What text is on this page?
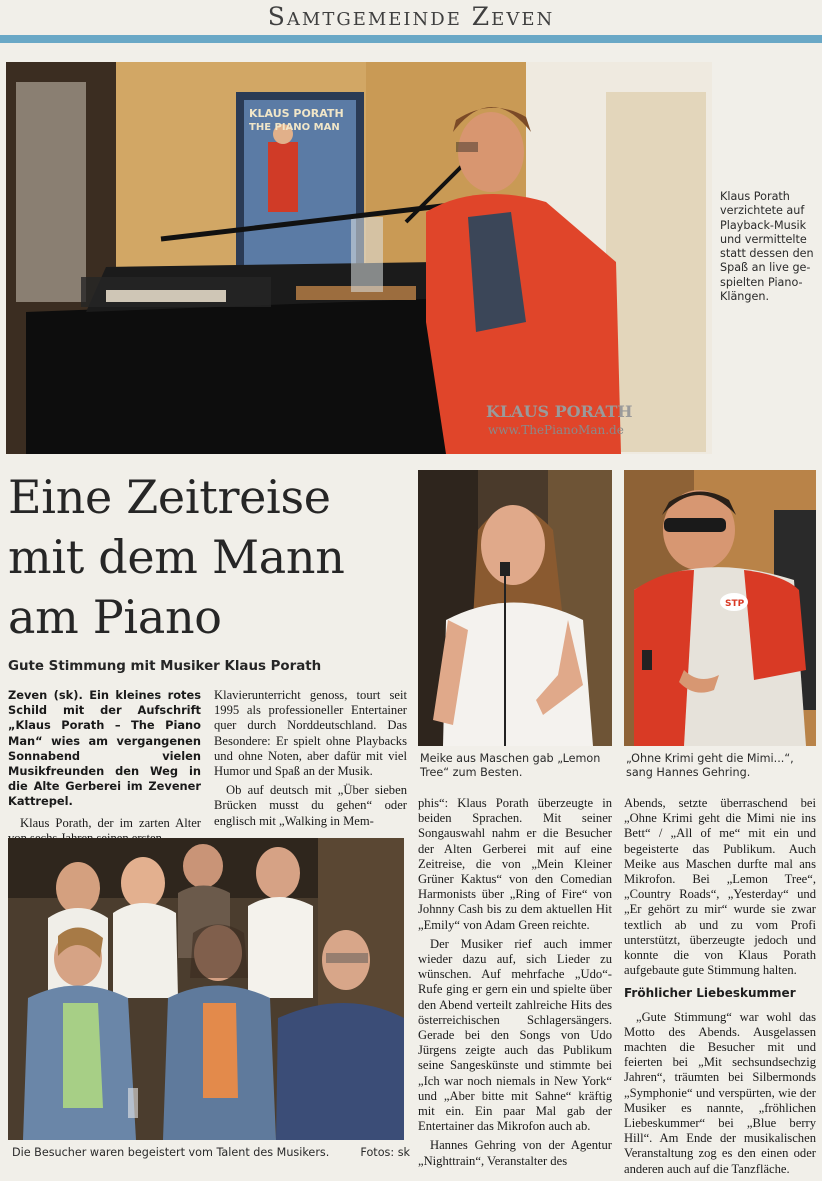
Samtgemeinde Zeven
KLAUS PORATH
www.ThePianoMan.de
KLAUS PORATH
THE PIANO MAN
Klaus Porath verzichtete auf Playback-Musik und vermittelte statt dessen den Spaß an live ge-spielten Piano-Klängen.
Eine Zeitreise mit dem Mann am Piano
Gute Stimmung mit Musiker Klaus Porath

Zeven (sk). Ein kleines rotes Schild mit der Aufschrift „Klaus Porath – The Piano Man“ wies am vergangenen Sonnabend vielen Musikfreunden den Weg in die Alte Gerberei im Zevener Kattrepel.

Klaus Porath, der im zarten Alter

Klavierunterricht genoss, tourt seit 1995 als professioneller Entertainer quer durch Norddeutschland. Das Besondere: Er spielt ohne Playbacks und ohne Noten, aber dafür mit viel Humor und Spaß an der Musik.

Ob auf deutsch mit „Über sieben Brücken musst du gehen“ oder englisch mit „Walking in Mem-

Meike aus Maschen gab „Lemon Tree“ zum Besten.
STP
„Ohne Krimi geht die Mimi...“, sang Hannes Gehring.
Die Besucher waren begeistert vom Talent des Musikers.	Fotos: sk

phis“: Klaus Porath überzeugte in beiden Sprachen. Mit seiner Songauswahl nahm er die Besucher der Alten Gerberei mit auf eine Zeitreise, die von „Mein Kleiner Grüner Kaktus“ von den Comedian Harmonists über „Ring of Fire“ von Johnny Cash bis zu dem aktuellen Hit „Emily“ von Adam Green reichte.

Der Musiker rief auch immer wieder dazu auf, sich Lieder zu wünschen. Auf mehrfache „Udo“-Rufe ging er gern ein und spielte über den Abend verteilt zahlreiche Hits des österreichischen Schlagersängers. Gerade bei den Songs von Udo Jürgens zeigte auch das Publikum seine Sangeskünste und stimmte bei „Ich war noch niemals in New York“ und „Aber bitte mit Sahne“ kräftig mit ein. Ein paar Mal gab der Entertainer das Mikrofon auch ab.

Hannes Gehring von der Agentur „Nighttrain“, Veranstalter des

Abends, setzte überraschend bei „Ohne Krimi geht die Mimi nie ins Bett“ / „All of me“ mit ein und begeisterte das Publikum. Auch Meike aus Maschen durfte mal ans Mikrofon. Bei „Lemon Tree“, „Country Roads“, „Yesterday“ und „Er gehört zu mir“ wurde sie zwar textlich ab und zu vom Profi unterstützt, überzeugte jedoch und konnte die von Klaus Porath aufgebaute gute Stimmung halten.

Fröhlicher Liebeskummer

„Gute Stimmung“ war wohl das Motto des Abends. Ausgelassen machten die Besucher mit und feierten bei „Mit sechsundsechzig Jahren“, träumten bei Silbermonds „Symphonie“ und verspürten, wie der Musiker es nannte, „fröhlichen Liebeskummer“ bei „Blue berry Hill“. Am Ende der musikalischen Veranstaltung zog es den einen oder anderen auch auf die Tanzfläche.
